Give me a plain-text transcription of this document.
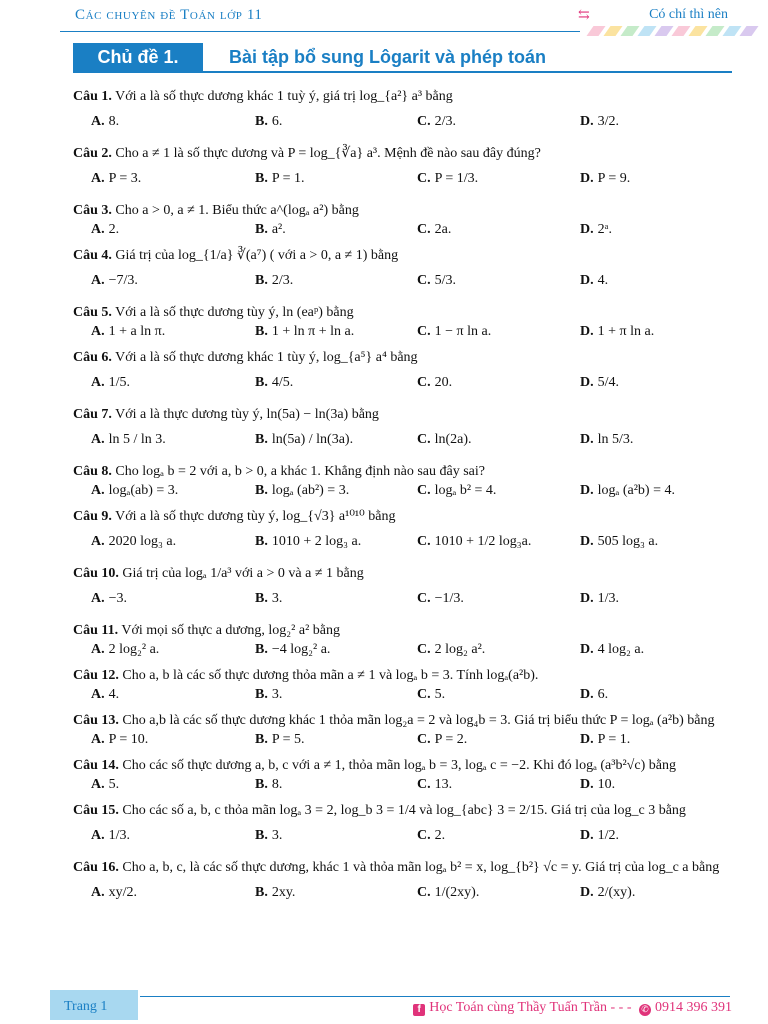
Các chuyên đề Toán lớp 11	⇆	Có chí thì nên
Chủ đề 1.	Bài tập bổ sung Lôgarit và phép toán
Câu 1. Với a là số thực dương khác 1 tuỳ ý, giá trị log_{a²} a³ bằng
A. 8.	B. 6.	C. 2/3.	D. 3/2.
Câu 2. Cho a ≠ 1 là số thực dương và P = log_{∛a} a³. Mệnh đề nào sau đây đúng?
A. P = 3.	B. P = 1.	C. P = 1/3.	D. P = 9.
Câu 3. Cho a > 0, a ≠ 1. Biểu thức a^(logₐ a²) bằng
A. 2.	B. a².	C. 2a.	D. 2ᵃ.
Câu 4. Giá trị của log_{1/a} ∛(a⁷) ( với a > 0, a ≠ 1) bằng
A. −7/3.	B. 2/3.	C. 5/3.	D. 4.
Câu 5. Với a là số thực dương tùy ý, ln (eaᵖ) bằng
A. 1 + a ln π.	B. 1 + ln π + ln a.	C. 1 − π ln a.	D. 1 + π ln a.
Câu 6. Với a là số thực dương khác 1 tùy ý, log_{a⁵} a⁴ bằng
A. 1/5.	B. 4/5.	C. 20.	D. 5/4.
Câu 7. Với a là thực dương tùy ý, ln(5a) − ln(3a) bằng
A. ln 5 / ln 3.	B. ln(5a) / ln(3a).	C. ln(2a).	D. ln 5/3.
Câu 8. Cho logₐ b = 2 với a, b > 0, a khác 1. Khẳng định nào sau đây sai?
A. logₐ(ab) = 3.	B. logₐ (ab²) = 3.	C. logₐ b² = 4.	D. logₐ (a²b) = 4.
Câu 9. Với a là số thực dương tùy ý, log_{√3} a¹⁰¹⁰ bằng
A. 2020 log₃ a.	B. 1010 + 2 log₃ a.	C. 1010 + 1/2 log₃a.	D. 505 log₃ a.
Câu 10. Giá trị của logₐ 1/a³ với a > 0 và a ≠ 1 bằng
A. −3.	B. 3.	C. −1/3.	D. 1/3.
Câu 11. Với mọi số thực a dương, log₂² a² bằng
A. 2 log₂² a.	B. −4 log₂² a.	C. 2 log₂ a².	D. 4 log₂ a.
Câu 12. Cho a, b là các số thực dương thỏa mãn a ≠ 1 và logₐ b = 3. Tính logₐ(a²b).
A. 4.	B. 3.	C. 5.	D. 6.
Câu 13. Cho a,b là các số thực dương khác 1 thỏa mãn log₂a = 2 và log₄b = 3. Giá trị biểu thức P = logₐ (a²b) bằng
A. P = 10.	B. P = 5.	C. P = 2.	D. P = 1.
Câu 14. Cho các số thực dương a, b, c với a ≠ 1, thỏa mãn logₐ b = 3, logₐ c = −2. Khi đó logₐ (a³b²√c) bằng
A. 5.	B. 8.	C. 13.	D. 10.
Câu 15. Cho các số a, b, c thỏa mãn logₐ 3 = 2, log_b 3 = 1/4 và log_{abc} 3 = 2/15. Giá trị của log_c 3 bằng
A. 1/3.	B. 3.	C. 2.	D. 1/2.
Câu 16. Cho a, b, c, là các số thực dương, khác 1 và thỏa mãn logₐ b² = x, log_{b²} √c = y. Giá trị của log_c a bằng
A. xy/2.	B. 2xy.	C. 1/(2xy).	D. 2/(xy).
Trang 1	f Học Toán cùng Thầy Tuấn Trần - - - ✆ 0914 396 391
